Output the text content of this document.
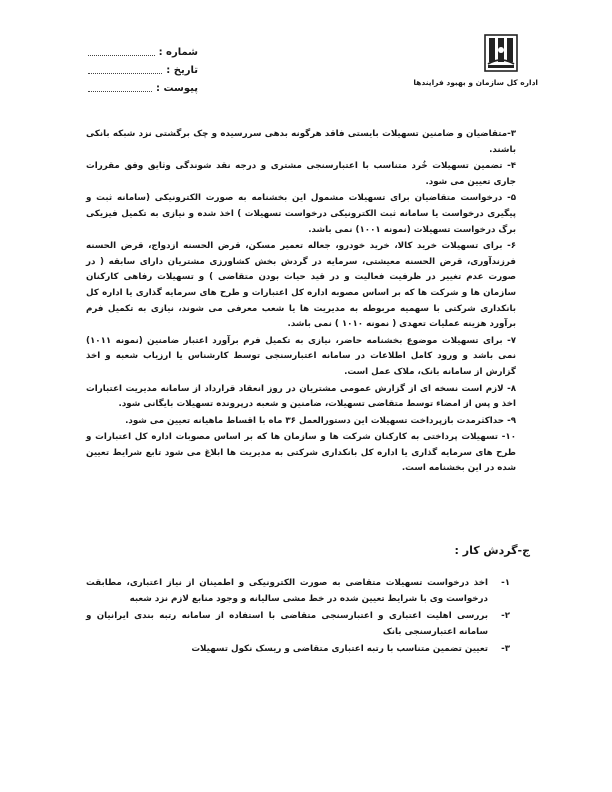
شماره :
تاریخ :
پیوست :
اداره کل سازمان و بهبود فرایندها

۳-متقاضیان و ضامنین تسهیلات بایستی فاقد هرگونه بدهی سررسیده و چک برگشتی نزد شبکه بانکی باشند.

۴- تضمین تسهیلات خُرد متناسب با اعتبارسنجی مشتری و درجه نقد شوندگی وثایق وفق مقررات جاری تعیین می شود.

۵- درخواست متقاضیان برای تسهیلات مشمول این بخشنامه به صورت الکترونیکی (سامانه ثبت و پیگیری درخواست یا سامانه ثبت الکترونیکی درخواست تسهیلات ) اخذ شده و نیازی به تکمیل فیزیکی برگ درخواست تسهیلات (نمونه ۱۰۰۱) نمی باشد.

۶- برای تسهیلات خرید کالا، خرید خودرو، جعاله تعمیر مسکن، قرض الحسنه ازدواج، قرض الحسنه فرزندآوری، قرض الحسنه معیشتی، سرمایه در گردش بخش کشاورزی مشتریان دارای سابقه ( در صورت عدم تغییر در ظرفیت فعالیت و در قید حیات بودن متقاضی ) و تسهیلات رفاهی کارکنان سازمان ها و شرکت ها که بر اساس مصوبه اداره کل اعتبارات و طرح های سرمایه گذاری یا اداره کل بانکداری شرکتی با سهمیه مربوطه به مدیریت ها یا شعب معرفی می شوند، نیازی به تکمیل فرم برآورد هزینه عملیات تعهدی ( نمونه ۱۰۱۰ ) نمی باشد.

۷- برای تسهیلات موضوع بخشنامه حاضر، نیازی به تکمیل فرم برآورد اعتبار ضامنین (نمونه ۱۰۱۱) نمی باشد و ورود کامل اطلاعات در سامانه اعتبارسنجی توسط کارشناس یا ارزیاب شعبه و اخذ گزارش از سامانه بانک، ملاک عمل است.

۸- لازم است نسخه ای از گزارش عمومی مشتریان در روز انعقاد قرارداد از سامانه مدیریت اعتبارات اخذ و پس از امضاء توسط متقاضی تسهیلات، ضامنین و شعبه درپرونده تسهیلات بایگانی شود.

۹- حداکثرمدت بازپرداخت تسهیلات این دستورالعمل ۳۶ ماه با اقساط ماهیانه تعیین می شود.

۱۰- تسهیلات پرداختی به کارکنان شرکت ها و سازمان ها که بر اساس مصوبات اداره کل اعتبارات و طرح های سرمایه گذاری یا اداره کل بانکداری شرکتی به مدیریت ها ابلاغ می شود تابع شرایط تعیین شده در این بخشنامه است.

ج-گردش کار :
۱-
اخذ درخواست تسهیلات متقاضی به صورت الکترونیکی و اطمینان از نیاز اعتباری، مطابقت درخواست وی با شرایط تعیین شده در خط مشی سالیانه و وجود منابع لازم نزد شعبه
۲-
بررسی اهلیت اعتباری و اعتبارسنجی متقاضی با استفاده از سامانه رتبه بندی ایرانیان و سامانه اعتبارسنجی بانک
۳-
تعیین تضمین متناسب با رتبه اعتباری متقاضی و ریسک نکول تسهیلات
